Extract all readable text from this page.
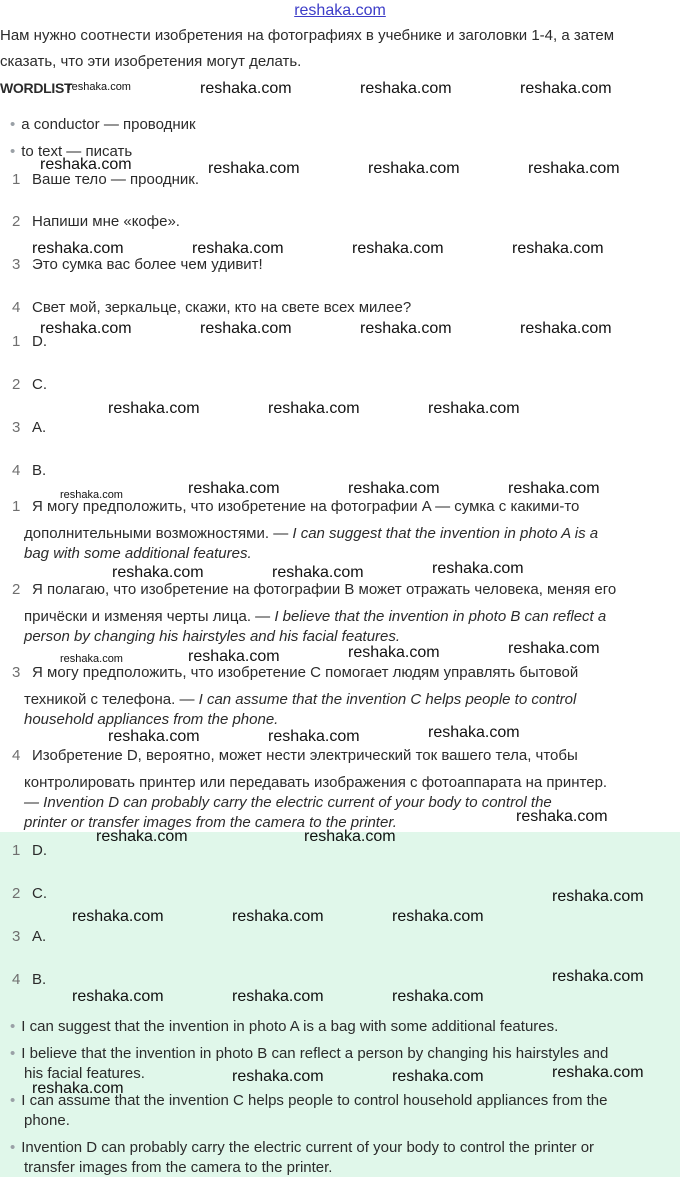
reshaka.com
Нам нужно соотнести изобретения на фотографиях в учебнике и заголовки 1-4, а затем
сказать, что эти изобретения могут делать.
WORDLIST
• a conductor — проводник
• to text — писать
1 Ваше тело — проодник.
2 Напиши мне «кофе».
3 Это сумка вас более чем удивит!
4 Свет мой, зеркальце, скажи, кто на свете всех милее?
1 D.
2 C.
3 A.
4 B.
1 Я могу предположить, что изобретение на фотографии A — сумка с какими-то
дополнительными возможностями. — I can suggest that the invention in photo A is a
bag with some additional features.
2 Я полагаю, что изобретение на фотографии B может отражать человека, меняя его
причёски и изменяя черты лица. — I believe that the invention in photo B can reflect a
person by changing his hairstyles and his facial features.
3 Я могу предположить, что изобретение C помогает людям управлять бытовой
техникой с телефона. — I can assume that the invention C helps people to control
household appliances from the phone.
4 Изобретение D, вероятно, может нести электрический ток вашего тела, чтобы
контролировать принтер или передавать изображения с фотоаппарата на принтер.
— Invention D can probably carry the electric current of your body to control the
printer or transfer images from the camera to the printer.
1 D.
2 C.
3 A.
4 B.
• I can suggest that the invention in photo A is a bag with some additional features.
• I believe that the invention in photo B can reflect a person by changing his hairstyles and
his facial features.
• I can assume that the invention C helps people to control household appliances from the
phone.
• Invention D can probably carry the electric current of your body to control the printer or
transfer images from the camera to the printer.
reshaka.com	reshaka.com	reshaka.com	reshaka.com
reshaka.com	reshaka.com	reshaka.com	reshaka.com
reshaka.com	reshaka.com	reshaka.com	reshaka.com
reshaka.com	reshaka.com	reshaka.com	reshaka.com
reshaka.com	reshaka.com	reshaka.com
reshaka.com	reshaka.com	reshaka.com	reshaka.com
reshaka.com	reshaka.com	reshaka.com
reshaka.com	reshaka.com	reshaka.com	reshaka.com
reshaka.com	reshaka.com	reshaka.com
reshaka.com
reshaka.com	reshaka.com
reshaka.com
reshaka.com	reshaka.com	reshaka.com
reshaka.com
reshaka.com	reshaka.com	reshaka.com
reshaka.com
reshaka.com	reshaka.com
reshaka.com
